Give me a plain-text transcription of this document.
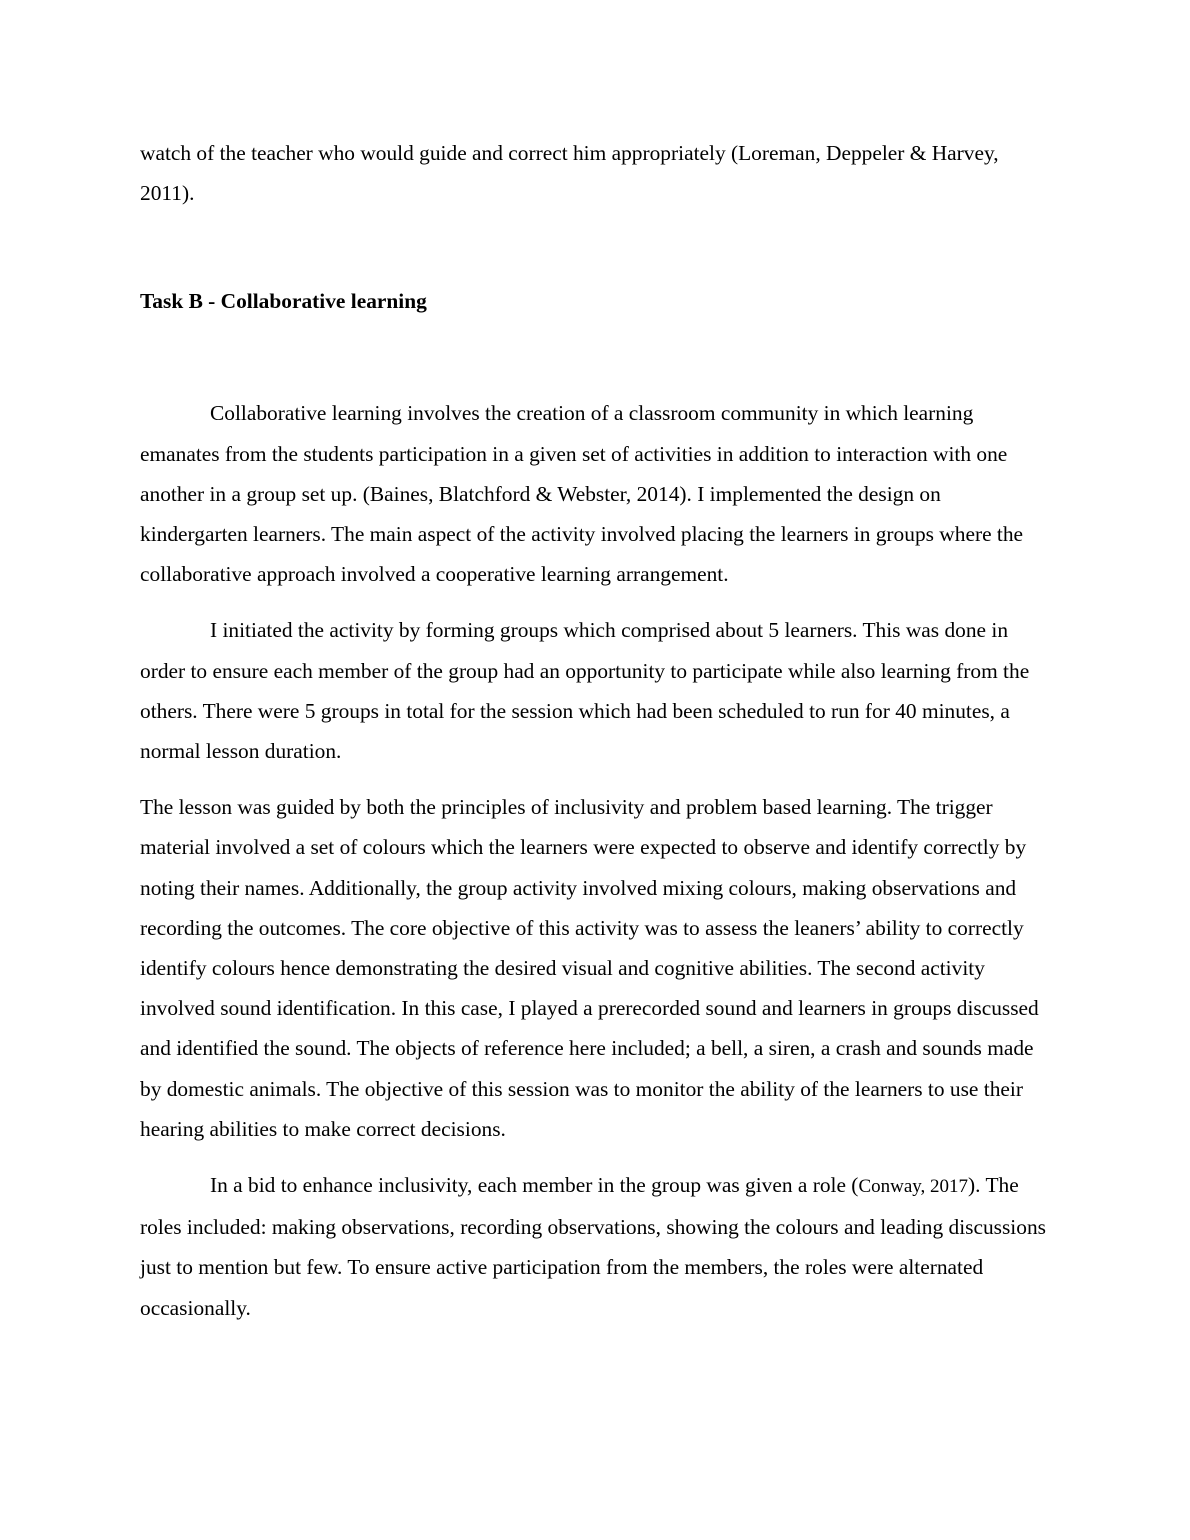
watch of the teacher who would guide and correct him appropriately (Loreman, Deppeler & Harvey, 2011).

Task B - Collaborative learning

Collaborative learning involves the creation of a classroom community in which learning emanates from the students participation in a given set of activities in addition to interaction with one another in a group set up. (Baines, Blatchford & Webster, 2014). I implemented the design on kindergarten learners. The main aspect of the activity involved placing the learners in groups where the collaborative approach involved a cooperative learning arrangement.

I initiated the activity by forming groups which comprised about 5 learners. This was done in order to ensure each member of the group had an opportunity to participate while also learning from the others. There were 5 groups in total for the session which had been scheduled to run for 40 minutes, a normal lesson duration.

The lesson was guided by both the principles of inclusivity and problem based learning. The trigger material involved a set of colours which the learners were expected to observe and identify correctly by noting their names. Additionally, the group activity involved mixing colours, making observations and recording the outcomes. The core objective of this activity was to assess the leaners’ ability to correctly identify colours hence demonstrating the desired visual and cognitive abilities. The second activity involved sound identification. In this case, I played a prerecorded sound and learners in groups discussed and identified the sound. The objects of reference here included; a bell, a siren, a crash and sounds made by domestic animals. The objective of this session was to monitor the ability of the learners to use their hearing abilities to make correct decisions.

In a bid to enhance inclusivity, each member in the group was given a role (Conway, 2017). The roles included: making observations, recording observations, showing the colours and leading discussions just to mention but few. To ensure active participation from the members, the roles were alternated occasionally.
